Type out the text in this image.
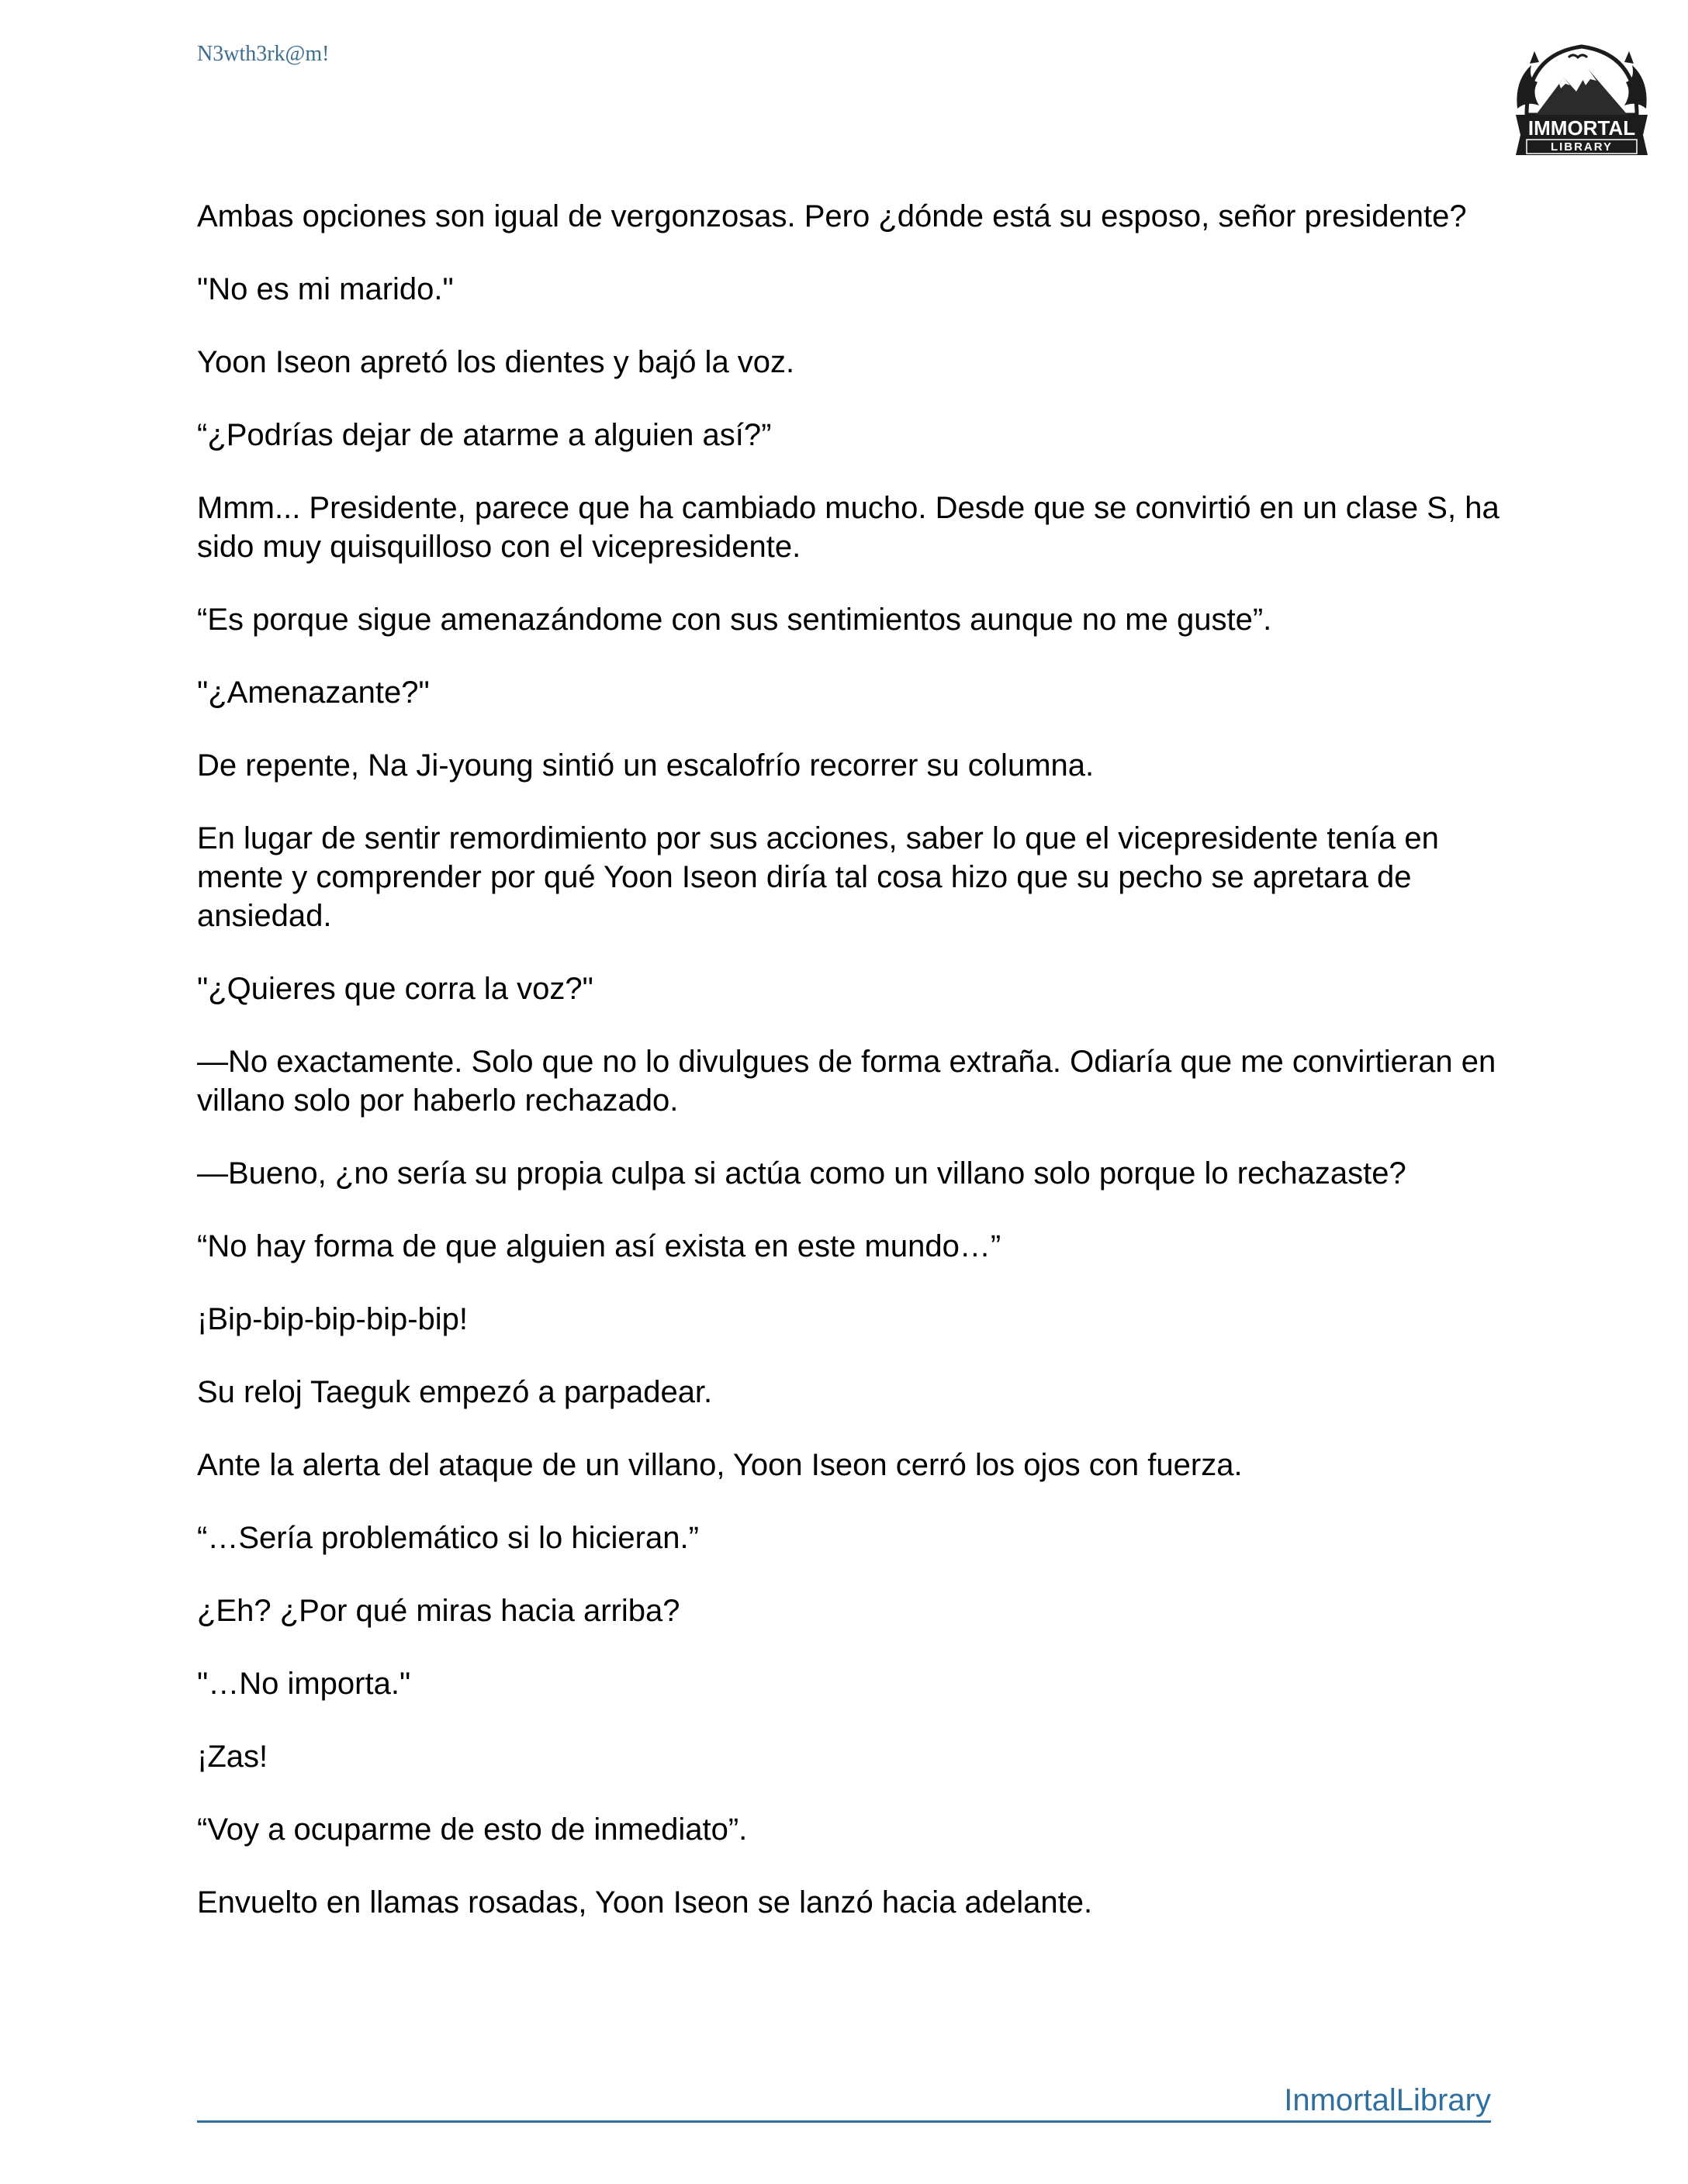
N3wth3rk@m!
IMMORTAL
LIBRARY

Ambas opciones son igual de vergonzosas. Pero ¿dónde está su esposo, señor presidente?

"No es mi marido."

Yoon Iseon apretó los dientes y bajó la voz.

“¿Podrías dejar de atarme a alguien así?”

Mmm... Presidente, parece que ha cambiado mucho. Desde que se convirtió en un clase S, ha sido muy quisquilloso con el vicepresidente.

“Es porque sigue amenazándome con sus sentimientos aunque no me guste”.

"¿Amenazante?"

De repente, Na Ji-young sintió un escalofrío recorrer su columna.

En lugar de sentir remordimiento por sus acciones, saber lo que el vicepresidente tenía en mente y comprender por qué Yoon Iseon diría tal cosa hizo que su pecho se apretara de ansiedad.

"¿Quieres que corra la voz?"

—No exactamente. Solo que no lo divulgues de forma extraña. Odiaría que me convirtieran en villano solo por haberlo rechazado.

—Bueno, ¿no sería su propia culpa si actúa como un villano solo porque lo rechazaste?

“No hay forma de que alguien así exista en este mundo…”

¡Bip-bip-bip-bip-bip!

Su reloj Taeguk empezó a parpadear.

Ante la alerta del ataque de un villano, Yoon Iseon cerró los ojos con fuerza.

“…Sería problemático si lo hicieran.”

¿Eh? ¿Por qué miras hacia arriba?

"…No importa."

¡Zas!

“Voy a ocuparme de esto de inmediato”.

Envuelto en llamas rosadas, Yoon Iseon se lanzó hacia adelante.

InmortalLibrary
